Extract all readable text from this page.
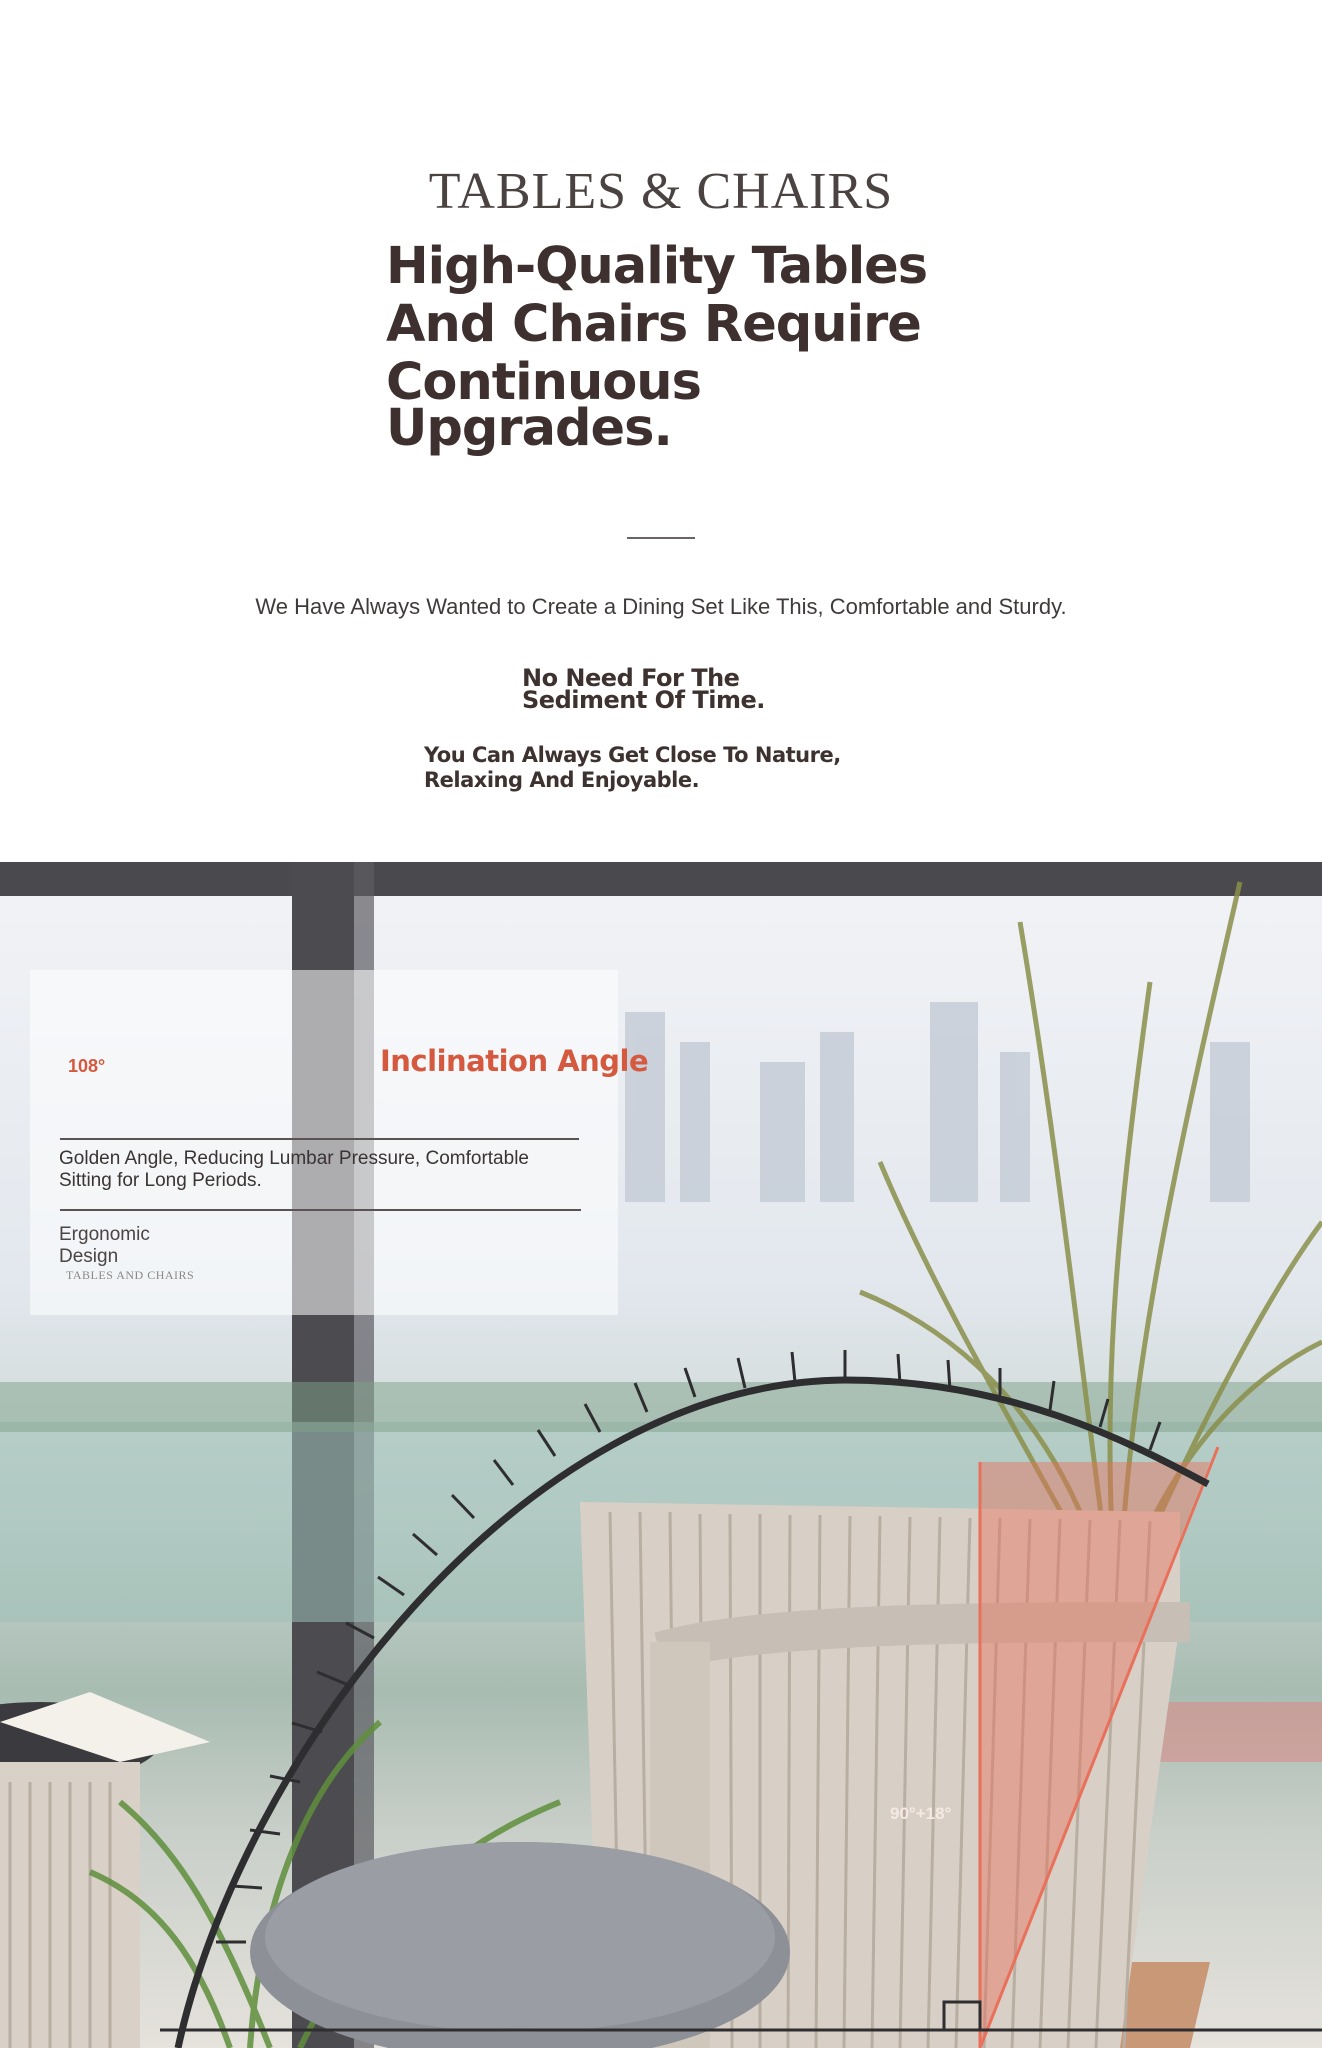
TABLES & CHAIRS
High-Quality Tables
And Chairs Require
Continuous
Upgrades.
We Have Always Wanted to Create a Dining Set Like This, Comfortable and Sturdy.
No Need For The
Sediment Of Time.
You Can Always Get Close To Nature,
Relaxing And Enjoyable.
108°	Inclination Angle
Golden Angle, Reducing Lumbar Pressure, Comfortable
Sitting for Long Periods.
Ergonomic
Design
TABLES AND CHAIRS
90°+18°
